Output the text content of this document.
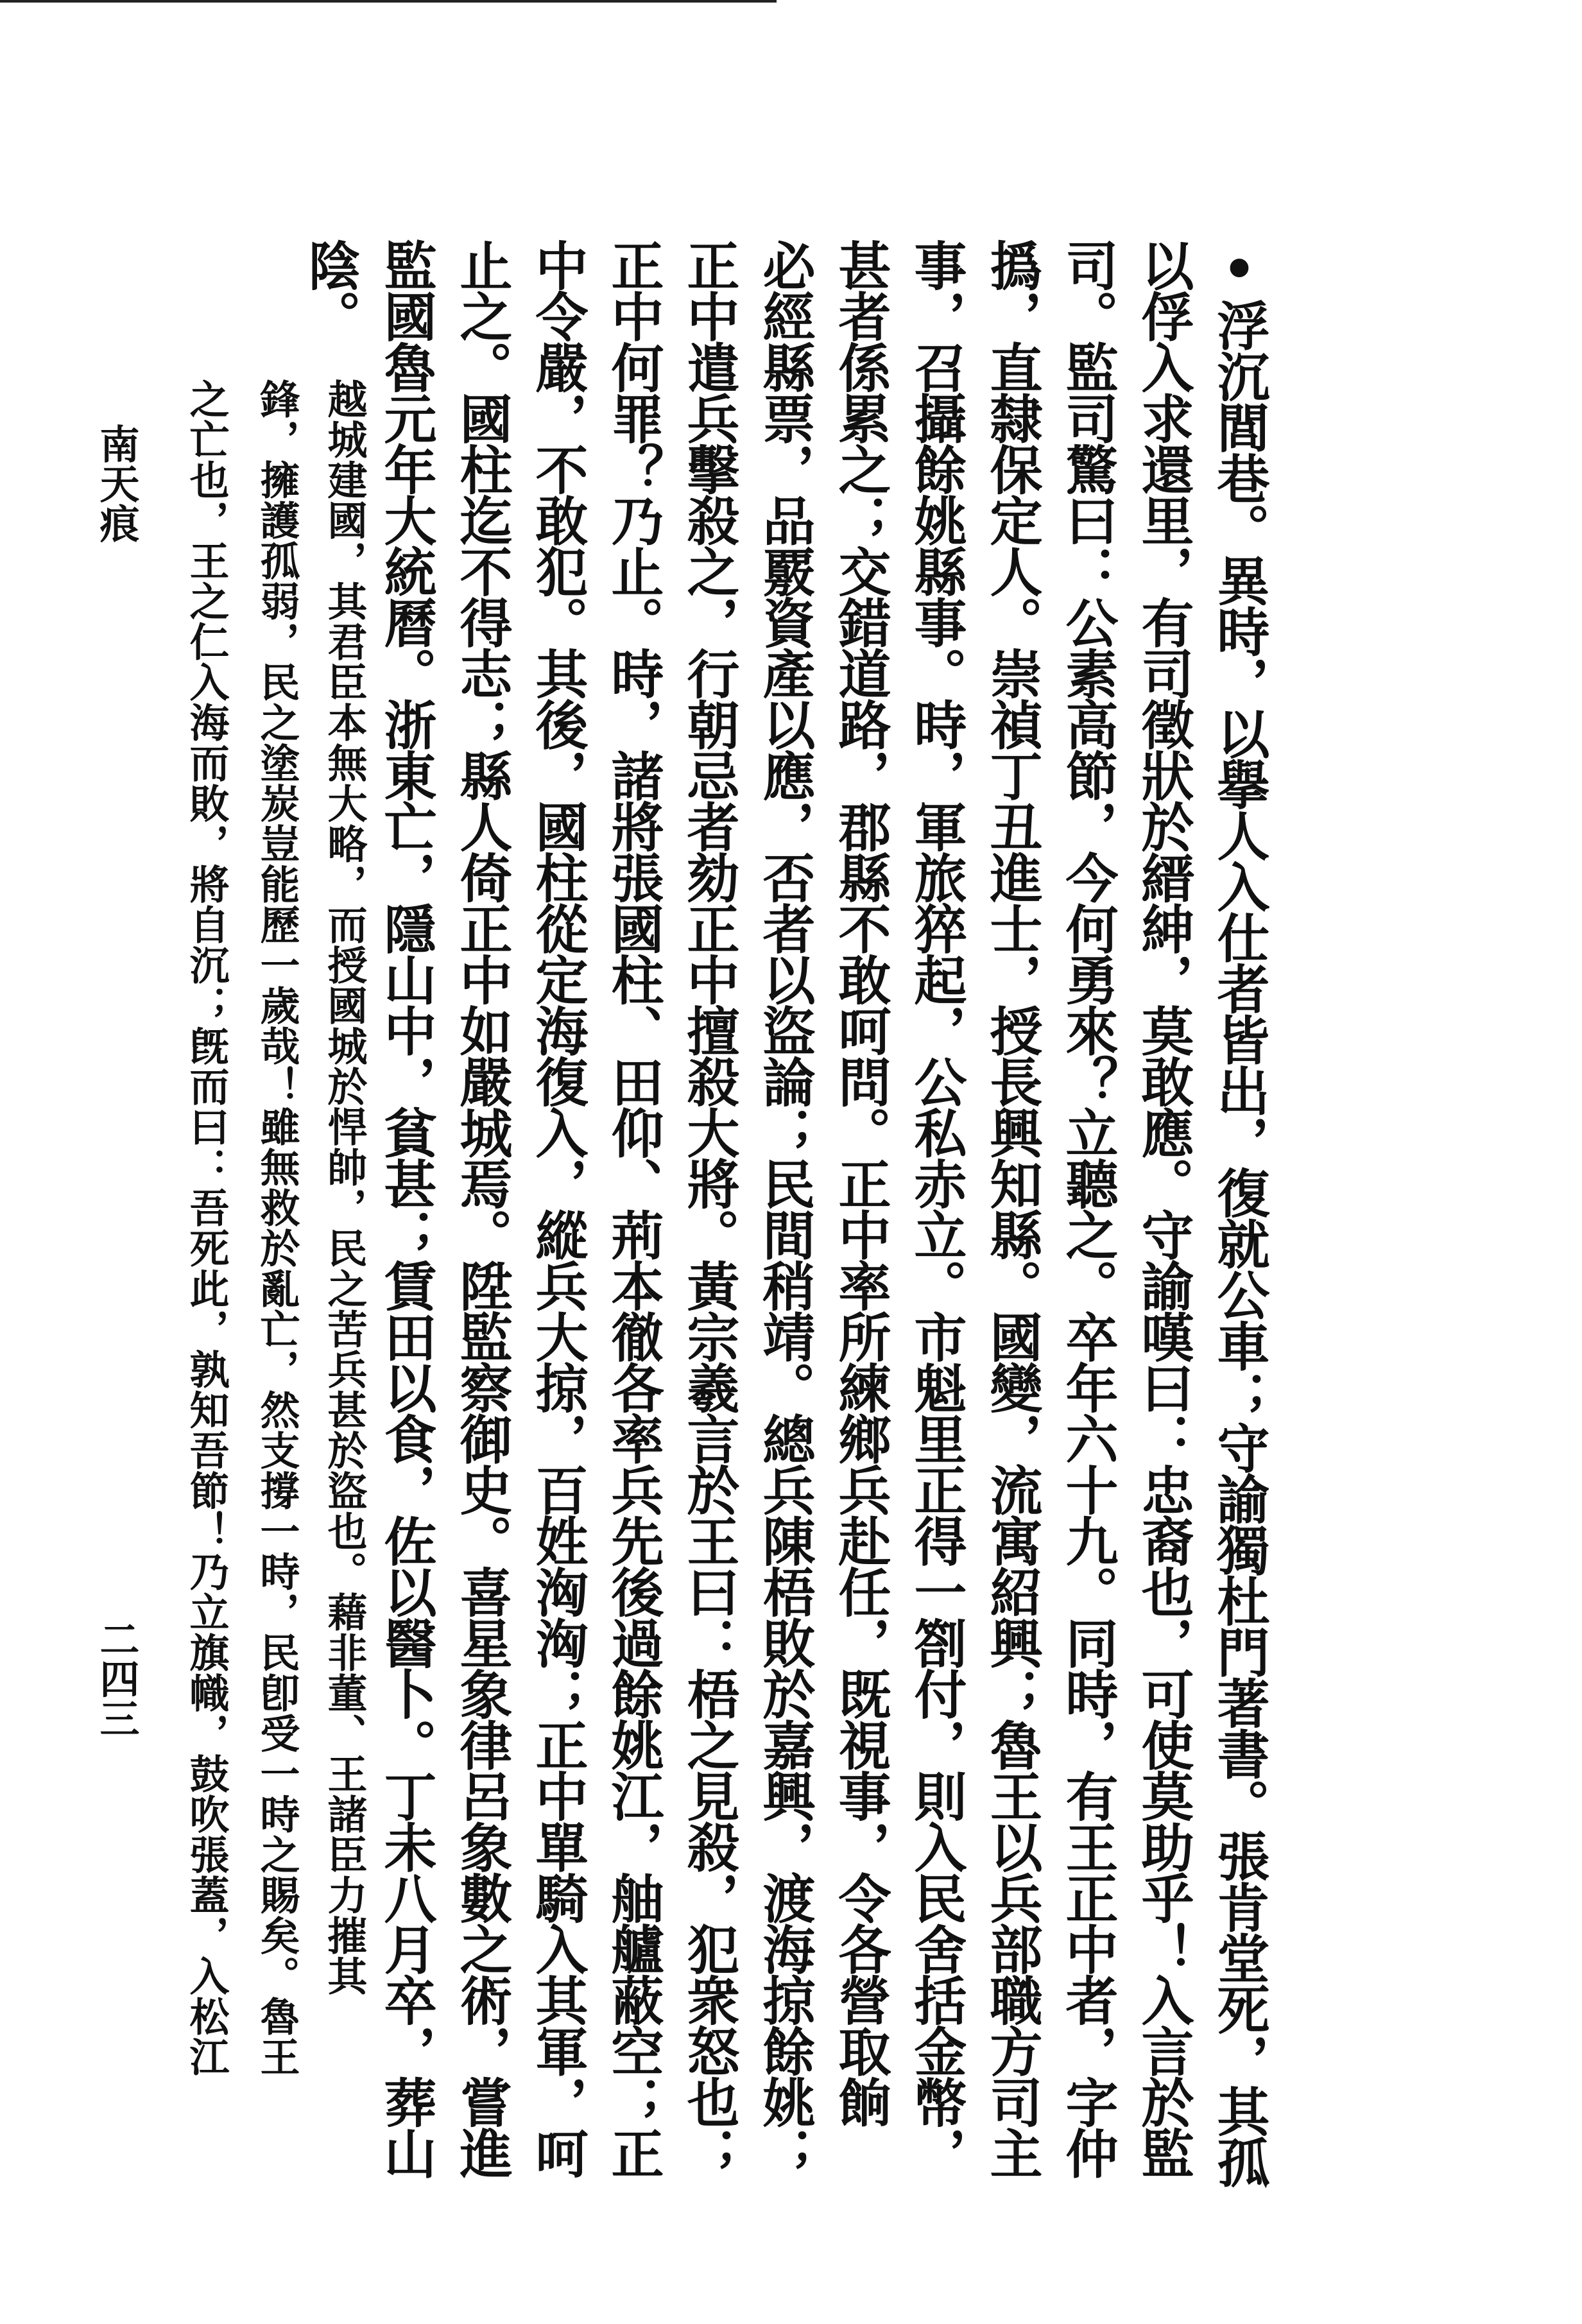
•浮沉閭巷。異時，以擧人入仕者皆出，復就公車；守諭獨杜門著書。張肯堂死，其孤
以俘入求還里，有司徵狀於縉紳，莫敢應。守諭嘆曰：忠裔也，可使莫助乎！入言於監
司。監司驚曰：公素高節，今何勇來？立聽之。卒年六十九。同時，有王正中者，字仲
撝，直隸保定人。崇禎丁丑進士，授長興知縣。國變，流寓紹興；魯王以兵部職方司主
事，召攝餘姚縣事。時，軍旅猝起，公私赤立。市魁里正得一劄付，則入民舍括金幣，
甚者係累之；交錯道路，郡縣不敢呵問。正中率所練鄉兵赴任，既視事，令各營取餉
必經縣票，品覈資產以應，否者以盜論；民間稍靖。總兵陳梧敗於嘉興，渡海掠餘姚；
正中遣兵擊殺之，行朝忌者劾正中擅殺大將。黃宗羲言於王曰：梧之見殺，犯衆怒也；
正中何罪？乃止。時，諸將張國柱、田仰、荊本徹各率兵先後過餘姚江，舳艫蔽空；正
中令嚴，不敢犯。其後，國柱從定海復入，縱兵大掠，百姓洶洶；正中單騎入其軍，呵
止之。國柱迄不得志；縣人倚正中如嚴城焉。陞監察御史。喜星象律呂象數之術，嘗進
監國魯元年大統曆。浙東亡，隱山中，貧甚；賃田以食，佐以醫卜。丁未八月卒，葬山
陰。
越城建國，其君臣本無大略，而授國城於悍帥，民之苦兵甚於盜也。藉非董、王諸臣力摧其
鋒，擁護孤弱，民之塗炭豈能歷一歲哉！雖無救於亂亡，然支撐一時，民卽受一時之賜矣。魯王
之亡也，王之仁入海而敗，將自沉；旣而曰：吾死此，孰知吾節！乃立旗幟，鼓吹張蓋，入松江
南天痕
二四三
